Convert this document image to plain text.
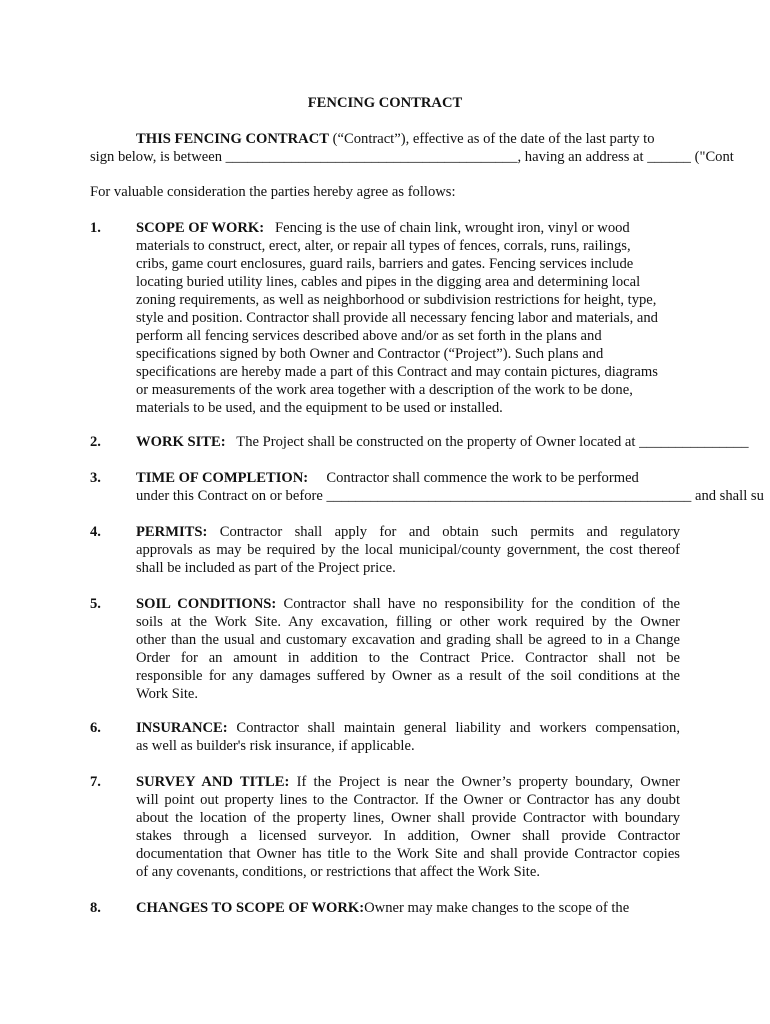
FENCING CONTRACT
THIS FENCING CONTRACT (“Contract”), effective as of the date of the last party to
sign below, is between ________________________________________, having an address at ______ ("Cont
For valuable consideration the parties hereby agree as follows:
1. SCOPE OF WORK:   Fencing is the use of chain link, wrought iron, vinyl or wood
materials to construct, erect, alter, or repair all types of fences, corrals, runs, railings,
cribs, game court enclosures, guard rails, barriers and gates. Fencing services include
locating buried utility lines, cables and pipes in the digging area and determining local
zoning requirements, as well as neighborhood or subdivision restrictions for height, type,
style and position. Contractor shall provide all necessary fencing labor and materials, and
perform all fencing services described above and/or as set forth in the plans and
specifications signed by both Owner and Contractor (“Project”). Such plans and
specifications are hereby made a part of this Contract and may contain pictures, diagrams
or measurements of the work area together with a description of the work to be done,
materials to be used, and the equipment to be used or installed.
2. WORK SITE:   The Project shall be constructed on the property of Owner located at _______________
3. TIME OF COMPLETION:     Contractor shall commence the work to be performed
under this Contract on or before __________________________________________________ and shall su
4. PERMITS: Contractor shall apply for and obtain such permits and regulatory
approvals as may be required by the local municipal/county government, the cost thereof
shall be included as part of the Project price.
5. SOIL CONDITIONS: Contractor shall have no responsibility for the condition of the
soils at the Work Site. Any excavation, filling or other work required by the Owner
other than the usual and customary excavation and grading shall be agreed to in a Change
Order for an amount in addition to the Contract Price. Contractor shall not be
responsible for any damages suffered by Owner as a result of the soil conditions at the
Work Site.
6. INSURANCE: Contractor shall maintain general liability and workers compensation,
as well as builder's risk insurance, if applicable.
7. SURVEY AND TITLE: If the Project is near the Owner’s property boundary, Owner
will point out property lines to the Contractor. If the Owner or Contractor has any doubt
about the location of the property lines, Owner shall provide Contractor with boundary
stakes through a licensed surveyor. In addition, Owner shall provide Contractor
documentation that Owner has title to the Work Site and shall provide Contractor copies
of any covenants, conditions, or restrictions that affect the Work Site.
8. CHANGES TO SCOPE OF WORK:Owner may make changes to the scope of the
